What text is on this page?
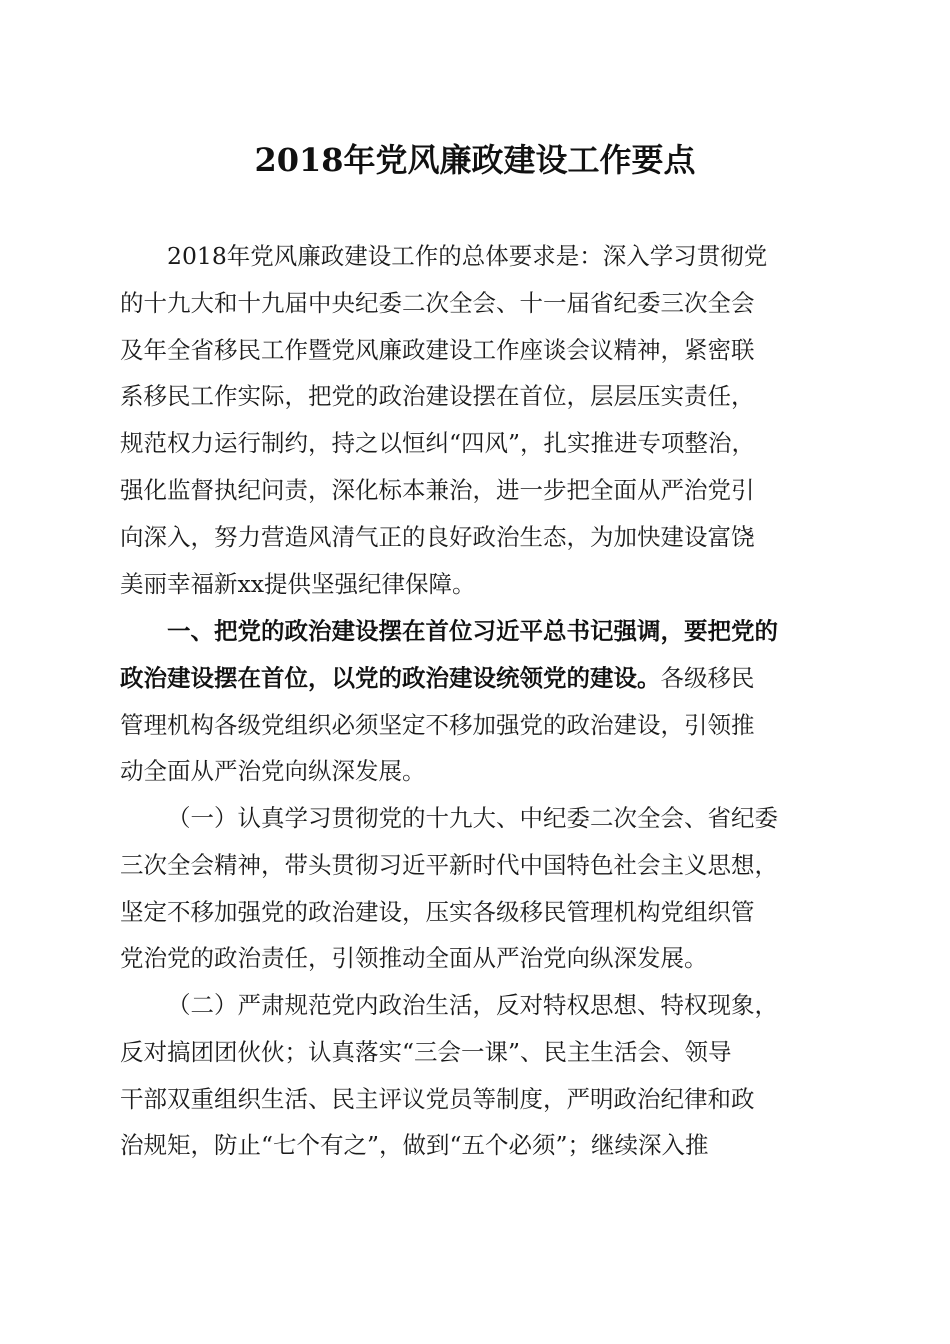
2018年党风廉政建设工作要点

2018年党风廉政建设工作的总体要求是：深入学习贯彻党
的十九大和十九届中央纪委二次全会、十一届省纪委三次全会
及年全省移民工作暨党风廉政建设工作座谈会议精神，紧密联
系移民工作实际，把党的政治建设摆在首位，层层压实责任，
规范权力运行制约，持之以恒纠“四风”，扎实推进专项整治，
强化监督执纪问责，深化标本兼治，进一步把全面从严治党引
向深入，努力营造风清气正的良好政治生态，为加快建设富饶
美丽幸福新xx提供坚强纪律保障。

一、把党的政治建设摆在首位习近平总书记强调，要把党的
政治建设摆在首位，以党的政治建设统领党的建设。各级移民
管理机构各级党组织必须坚定不移加强党的政治建设，引领推
动全面从严治党向纵深发展。

（一）认真学习贯彻党的十九大、中纪委二次全会、省纪委
三次全会精神，带头贯彻习近平新时代中国特色社会主义思想，
坚定不移加强党的政治建设，压实各级移民管理机构党组织管
党治党的政治责任，引领推动全面从严治党向纵深发展。

（二）严肃规范党内政治生活，反对特权思想、特权现象，
反对搞团团伙伙；认真落实“三会一课”、民主生活会、领导
干部双重组织生活、民主评议党员等制度，严明政治纪律和政
治规矩，防止“七个有之”，做到“五个必须”；继续深入推
